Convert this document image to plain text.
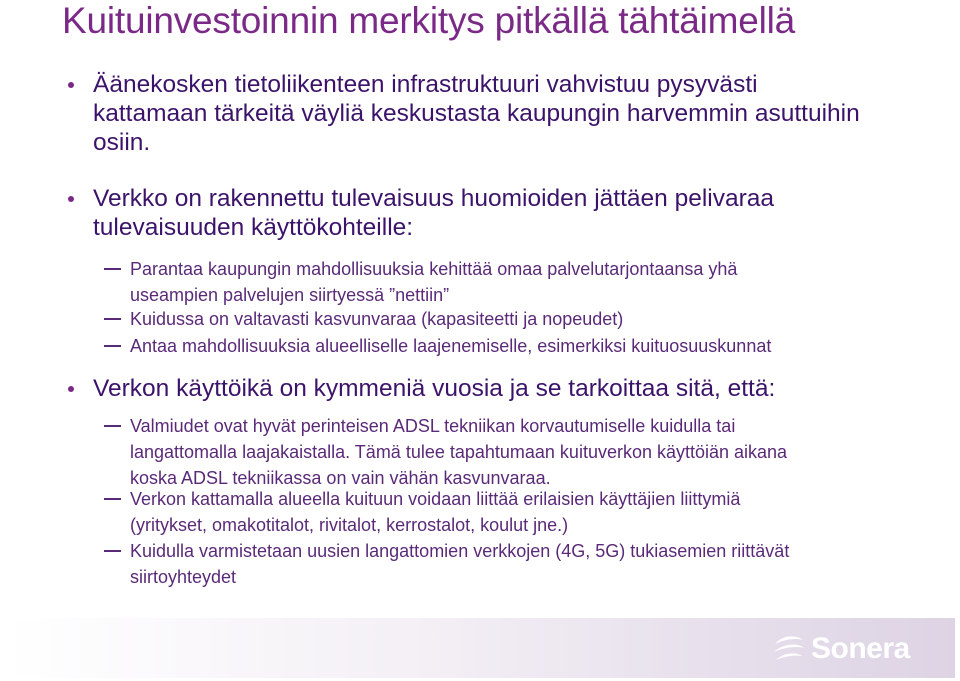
Kuituinvestoinnin merkitys pitkällä tähtäimellä
Äänekosken tietoliikenteen infrastruktuuri vahvistuu pysyvästi
kattamaan tärkeitä väyliä keskustasta kaupungin harvemmin asuttuihin
osiin.
Verkko on rakennettu tulevaisuus huomioiden jättäen pelivaraa
tulevaisuuden käyttökohteille:
Parantaa kaupungin mahdollisuuksia kehittää omaa palvelutarjontaansa yhä
useampien palvelujen siirtyessä ”nettiin”
Kuidussa on valtavasti kasvunvaraa (kapasiteetti ja nopeudet)
Antaa mahdollisuuksia alueelliselle laajenemiselle, esimerkiksi kuituosuuskunnat
Verkon käyttöikä on kymmeniä vuosia ja se tarkoittaa sitä, että:
Valmiudet ovat hyvät perinteisen ADSL tekniikan korvautumiselle kuidulla tai
langattomalla laajakaistalla. Tämä tulee tapahtumaan kuituverkon käyttöiän aikana
koska ADSL tekniikassa on vain vähän kasvunvaraa.
Verkon kattamalla alueella kuituun voidaan liittää erilaisien käyttäjien liittymiä
(yritykset, omakotitalot, rivitalot, kerrostalot, koulut jne.)
Kuidulla varmistetaan uusien langattomien verkkojen (4G, 5G) tukiasemien riittävät
siirtoyhteydet
Sonera
